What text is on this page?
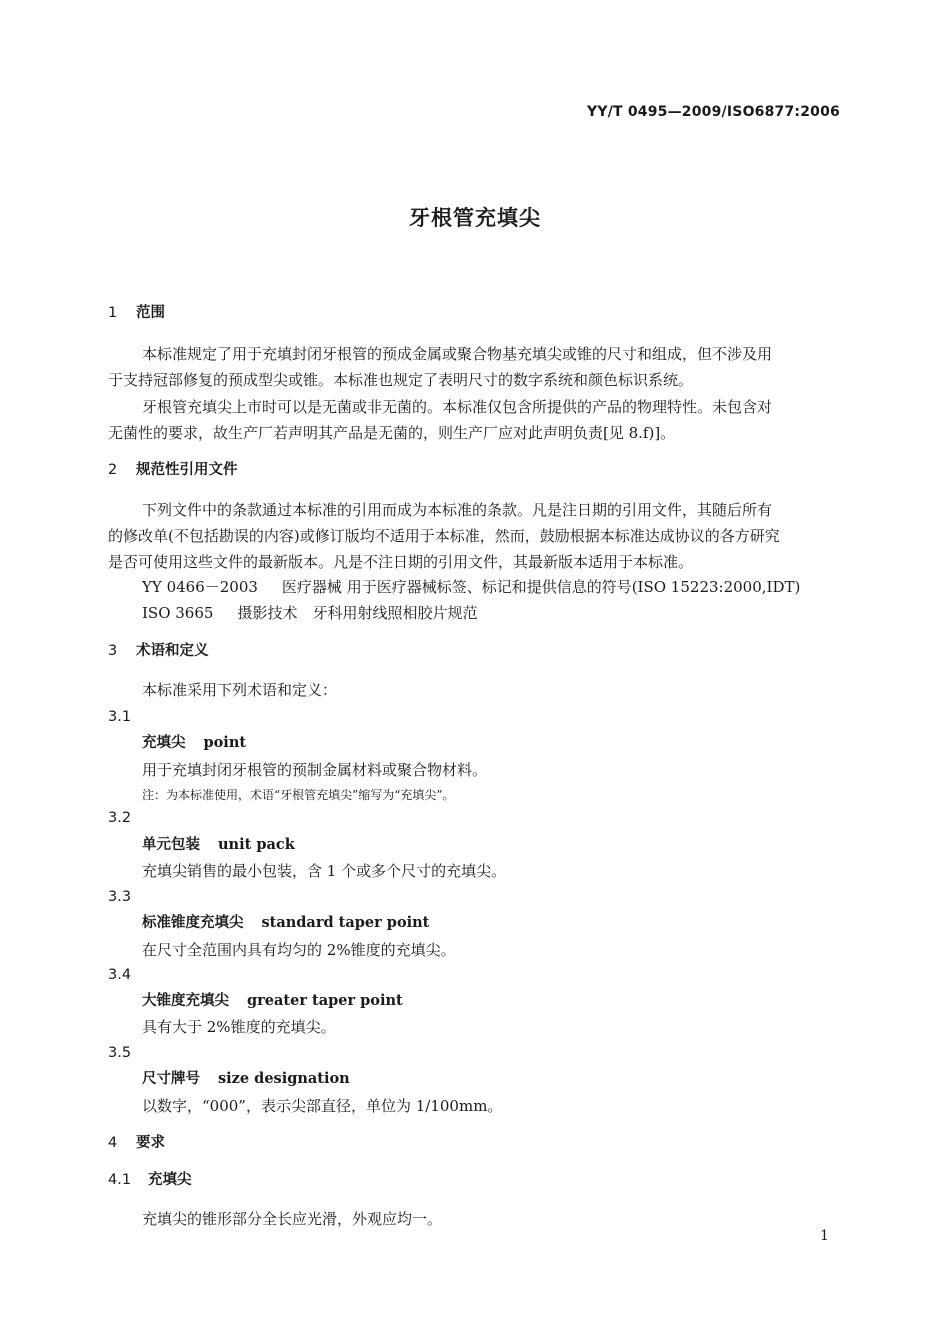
YY/T 0495—2009/ISO6877:2006
牙根管充填尖
1 范围
本标准规定了用于充填封闭牙根管的预成金属或聚合物基充填尖或锥的尺寸和组成，但不涉及用
于支持冠部修复的预成型尖或锥。本标准也规定了表明尺寸的数字系统和颜色标识系统。
牙根管充填尖上市时可以是无菌或非无菌的。本标准仅包含所提供的产品的物理特性。未包含对
无菌性的要求，故生产厂若声明其产品是无菌的，则生产厂应对此声明负责[见 8.f)]。
2 规范性引用文件
下列文件中的条款通过本标准的引用而成为本标准的条款。凡是注日期的引用文件，其随后所有
的修改单(不包括勘误的内容)或修订版均不适用于本标准，然而，鼓励根据本标准达成协议的各方研究
是否可使用这些文件的最新版本。凡是不注日期的引用文件，其最新版本适用于本标准。
YY 0466－2003 医疗器械 用于医疗器械标签、标记和提供信息的符号(ISO 15223:2000,IDT)
ISO 3665 摄影技术　牙科用射线照相胶片规范
3 术语和定义
本标准采用下列术语和定义：
3.1
充填尖 point
用于充填封闭牙根管的预制金属材料或聚合物材料。
注：为本标准使用，术语“牙根管充填尖”缩写为“充填尖”。
3.2
单元包装 unit pack
充填尖销售的最小包装，含 1 个或多个尺寸的充填尖。
3.3
标准锥度充填尖 standard taper point
在尺寸全范围内具有均匀的 2%锥度的充填尖。
3.4
大锥度充填尖 greater taper point
具有大于 2%锥度的充填尖。
3.5
尺寸牌号 size designation
以数字，“000”，表示尖部直径，单位为 1/100mm。
4 要求
4.1 充填尖
充填尖的锥形部分全长应光滑，外观应均一。
1
